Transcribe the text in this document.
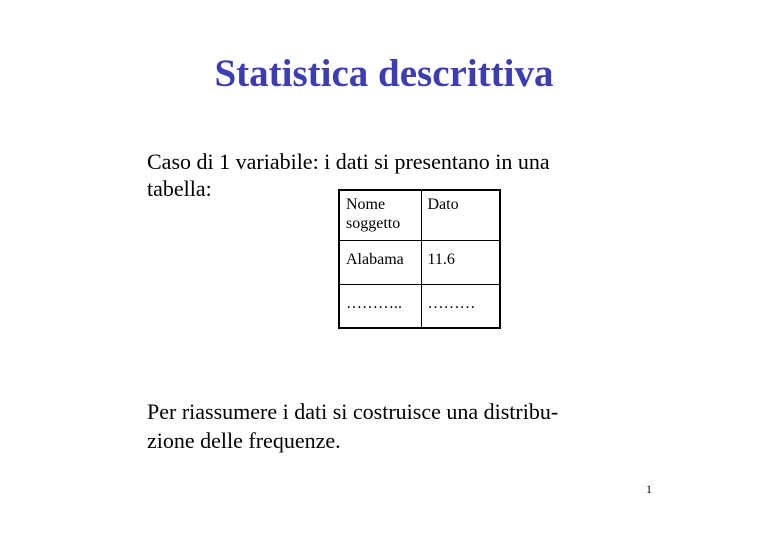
Statistica descrittiva
Caso di 1 variabile: i dati si presentano in una
tabella:
Nome soggetto	Dato
Alabama	11.6
………..	………
Per riassumere i dati si costruisce una distribu-
zione delle frequenze.
1
